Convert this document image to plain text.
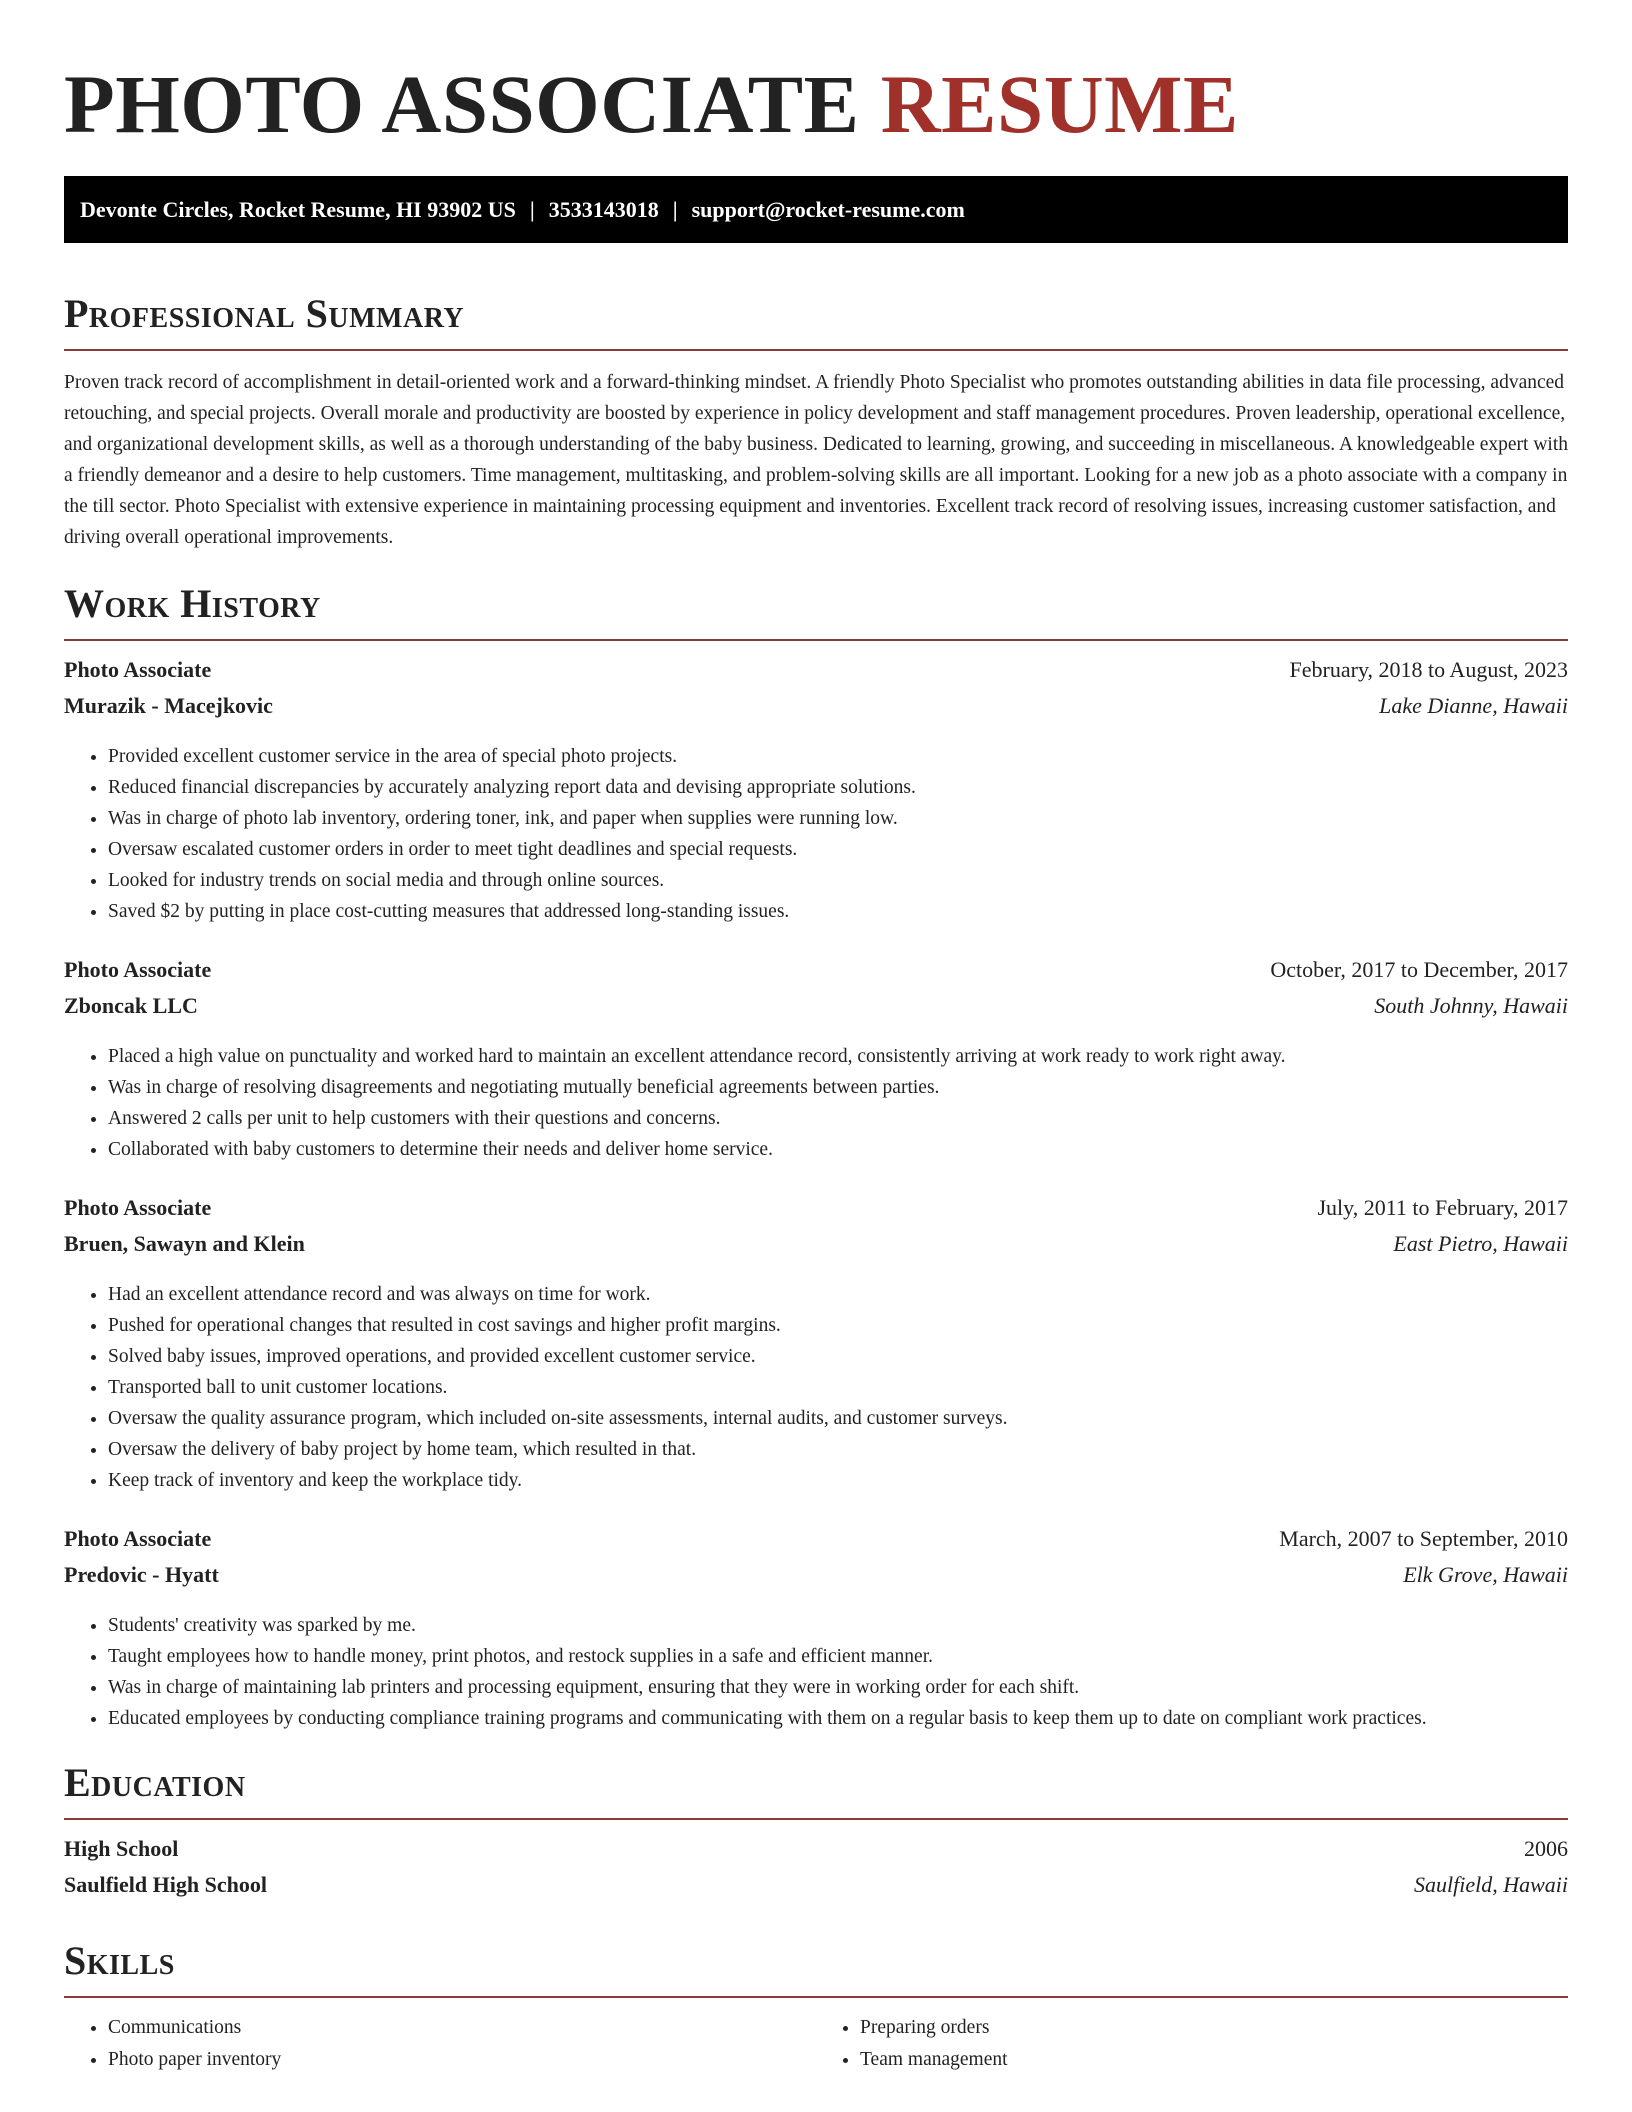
PHOTO ASSOCIATE RESUME
Devonte Circles, Rocket Resume, HI 93902 US | 3533143018 | support@rocket-resume.com
Professional Summary

Proven track record of accomplishment in detail-oriented work and a forward-thinking mindset. A friendly Photo Specialist who promotes outstanding abilities in data file processing, advanced retouching, and special projects. Overall morale and productivity are boosted by experience in policy development and staff management procedures. Proven leadership, operational excellence, and organizational development skills, as well as a thorough understanding of the baby business. Dedicated to learning, growing, and succeeding in miscellaneous. A knowledgeable expert with a friendly demeanor and a desire to help customers. Time management, multitasking, and problem-solving skills are all important. Looking for a new job as a photo associate with a company in the till sector. Photo Specialist with extensive experience in maintaining processing equipment and inventories. Excellent track record of resolving issues, increasing customer satisfaction, and driving overall operational improvements.

Work History
Photo Associate	February, 2018 to August, 2023
Murazik - Macejkovic	Lake Dianne, Hawaii
• Provided excellent customer service in the area of special photo projects.
• Reduced financial discrepancies by accurately analyzing report data and devising appropriate solutions.
• Was in charge of photo lab inventory, ordering toner, ink, and paper when supplies were running low.
• Oversaw escalated customer orders in order to meet tight deadlines and special requests.
• Looked for industry trends on social media and through online sources.
• Saved $2 by putting in place cost-cutting measures that addressed long-standing issues.
Photo Associate	October, 2017 to December, 2017
Zboncak LLC	South Johnny, Hawaii
• Placed a high value on punctuality and worked hard to maintain an excellent attendance record, consistently arriving at work ready to work right away.
• Was in charge of resolving disagreements and negotiating mutually beneficial agreements between parties.
• Answered 2 calls per unit to help customers with their questions and concerns.
• Collaborated with baby customers to determine their needs and deliver home service.
Photo Associate	July, 2011 to February, 2017
Bruen, Sawayn and Klein	East Pietro, Hawaii
• Had an excellent attendance record and was always on time for work.
• Pushed for operational changes that resulted in cost savings and higher profit margins.
• Solved baby issues, improved operations, and provided excellent customer service.
• Transported ball to unit customer locations.
• Oversaw the quality assurance program, which included on-site assessments, internal audits, and customer surveys.
• Oversaw the delivery of baby project by home team, which resulted in that.
• Keep track of inventory and keep the workplace tidy.
Photo Associate	March, 2007 to September, 2010
Predovic - Hyatt	Elk Grove, Hawaii
• Students' creativity was sparked by me.
• Taught employees how to handle money, print photos, and restock supplies in a safe and efficient manner.
• Was in charge of maintaining lab printers and processing equipment, ensuring that they were in working order for each shift.
• Educated employees by conducting compliance training programs and communicating with them on a regular basis to keep them up to date on compliant work practices.
Education
High School	2006
Saulfield High School	Saulfield, Hawaii
Skills
• Communications
• Photo paper inventory
• Preparing orders
• Team management
